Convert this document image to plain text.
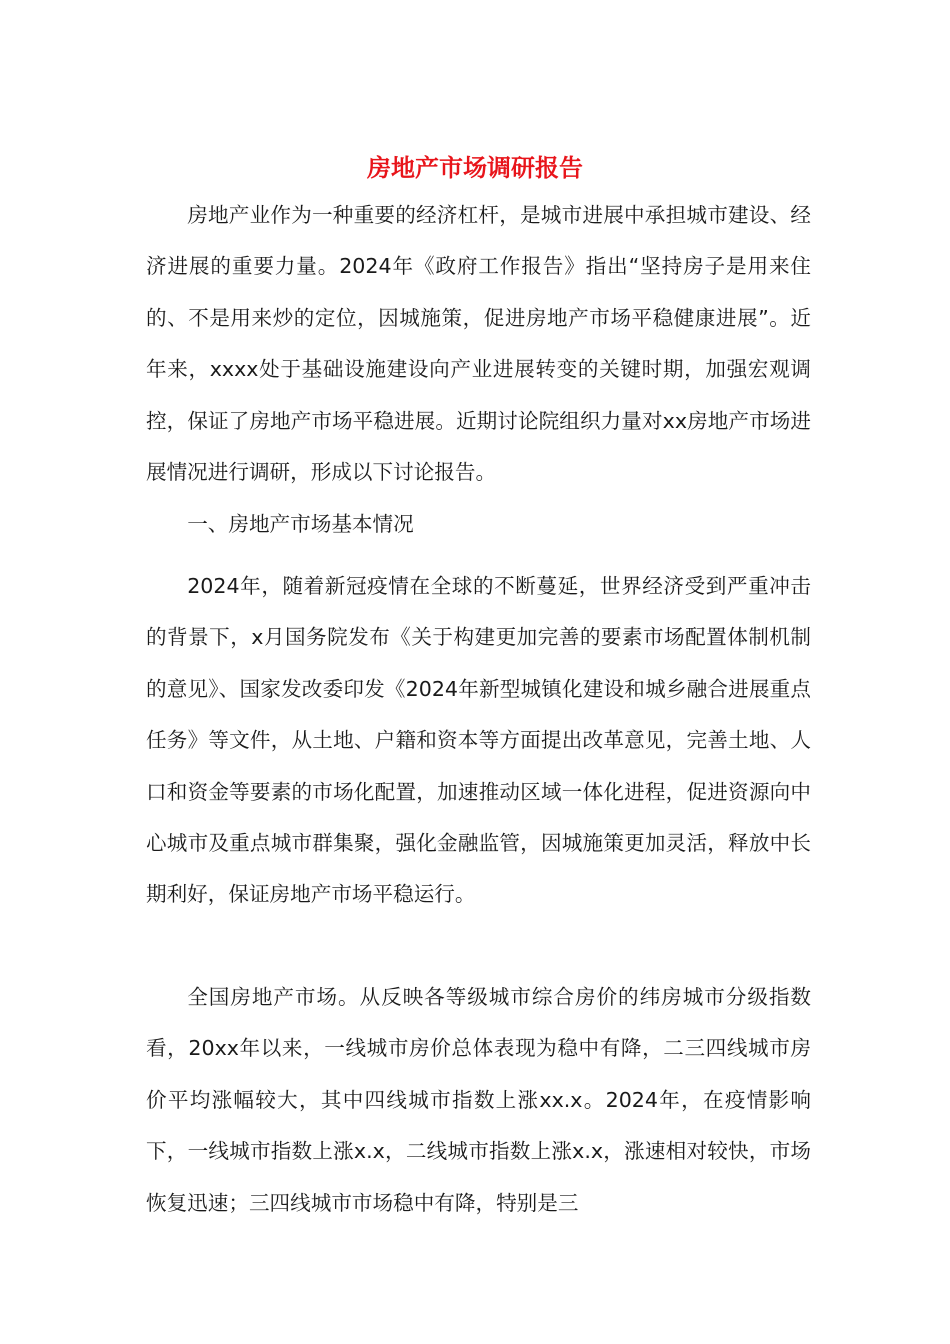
房地产市场调研报告

房地产业作为一种重要的经济杠杆，是城市进展中承担城市建设、经济进展的重要力量。2024年《政府工作报告》指出“坚持房子是用来住的、不是用来炒的定位，因城施策，促进房地产市场平稳健康进展”。近年来，xxxx处于基础设施建设向产业进展转变的关键时期，加强宏观调控，保证了房地产市场平稳进展。近期讨论院组织力量对xx房地产市场进展情况进行调研，形成以下讨论报告。

一、房地产市场基本情况

2024年，随着新冠疫情在全球的不断蔓延，世界经济受到严重冲击的背景下，x月国务院发布《关于构建更加完善的要素市场配置体制机制的意见》、国家发改委印发《2024年新型城镇化建设和城乡融合进展重点任务》等文件，从土地、户籍和资本等方面提出改革意见，完善土地、人口和资金等要素的市场化配置，加速推动区域一体化进程，促进资源向中心城市及重点城市群集聚，强化金融监管，因城施策更加灵活，释放中长期利好，保证房地产市场平稳运行。

全国房地产市场。从反映各等级城市综合房价的纬房城市分级指数看，20xx年以来，一线城市房价总体表现为稳中有降，二三四线城市房价平均涨幅较大，其中四线城市指数上涨xx.x。2024年，在疫情影响下，一线城市指数上涨x.x，二线城市指数上涨x.x，涨速相对较快，市场恢复迅速；三四线城市市场稳中有降，特别是三
